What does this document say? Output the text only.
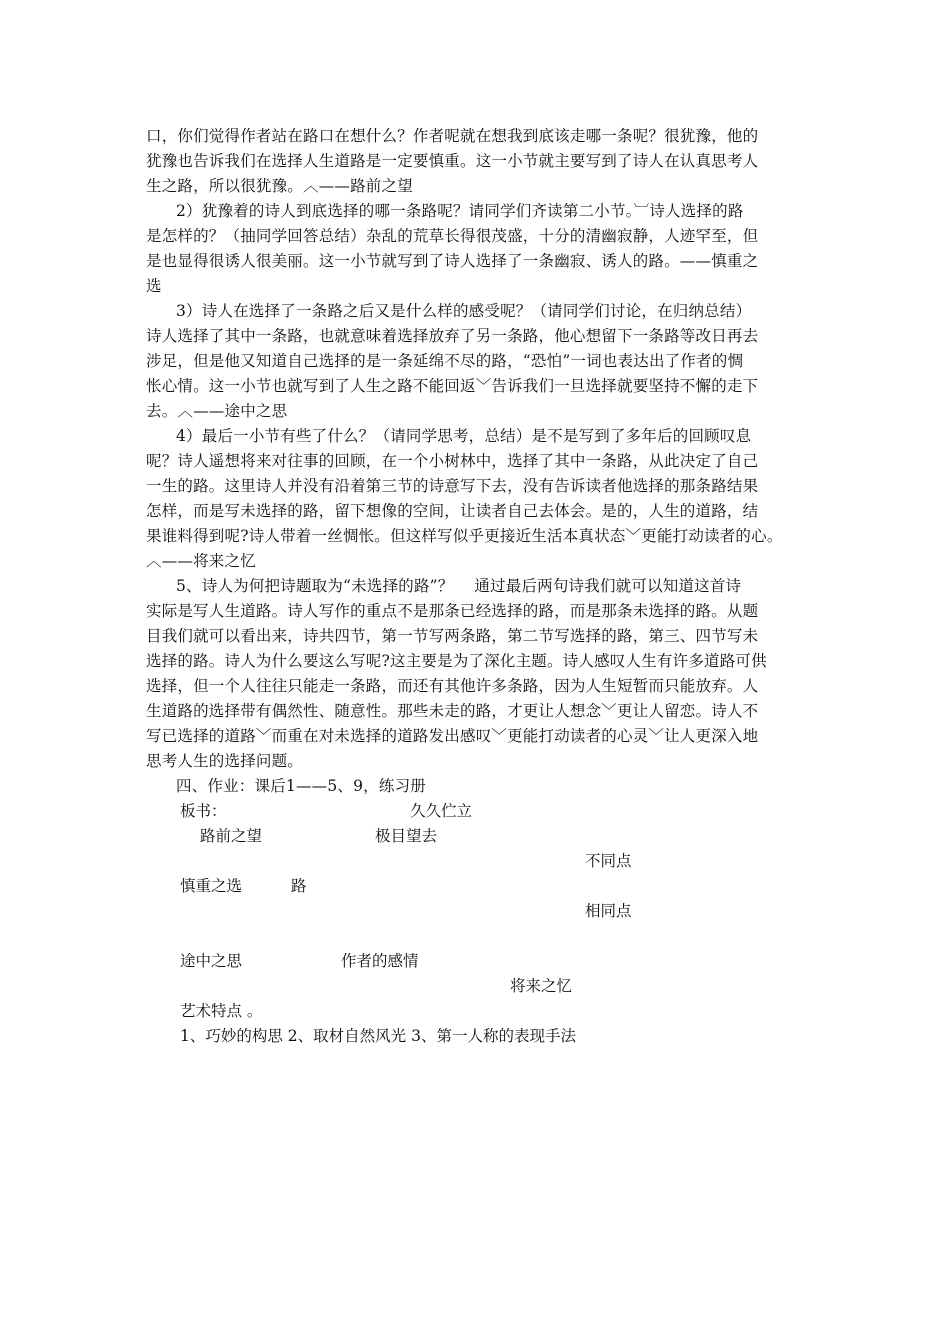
口，你们觉得作者站在路口在想什么？作者呢就在想我到底该走哪一条呢？很犹豫，他的
犹豫也告诉我们在选择人生道路是一定要慎重。这一小节就主要写到了诗人在认真思考人
生之路，所以很犹豫。︿——路前之望
2）犹豫着的诗人到底选择的哪一条路呢？请同学们齐读第二小节。︺诗人选择的路
是怎样的？（抽同学回答总结）杂乱的荒草长得很茂盛，十分的清幽寂静，人迹罕至，但
是也显得很诱人很美丽。这一小节就写到了诗人选择了一条幽寂、诱人的路。——慎重之
选
3）诗人在选择了一条路之后又是什么样的感受呢？（请同学们讨论，在归纳总结）
诗人选择了其中一条路，也就意味着选择放弃了另一条路，他心想留下一条路等改日再去
涉足，但是他又知道自己选择的是一条延绵不尽的路，“恐怕”一词也表达出了作者的惆
怅心情。这一小节也就写到了人生之路不能回返﹀告诉我们一旦选择就要坚持不懈的走下
去。︿——途中之思
4）最后一小节有些了什么？（请同学思考，总结）是不是写到了多年后的回顾叹息
呢？诗人遥想将来对往事的回顾，在一个小树林中，选择了其中一条路，从此决定了自己
一生的路。这里诗人并没有沿着第三节的诗意写下去，没有告诉读者他选择的那条路结果
怎样，而是写未选择的路，留下想像的空间，让读者自己去体会。是的，人生的道路，结
果谁料得到呢?诗人带着一丝惆怅。但这样写似乎更接近生活本真状态﹀更能打动读者的心。
︿——将来之忆
5、诗人为何把诗题取为“未选择的路”？　 通过最后两句诗我们就可以知道这首诗
实际是写人生道路。诗人写作的重点不是那条已经选择的路，而是那条未选择的路。从题
目我们就可以看出来，诗共四节，第一节写两条路，第二节写选择的路，第三、四节写未
选择的路。诗人为什么要这么写呢?这主要是为了深化主题。诗人感叹人生有许多道路可供
选择，但一个人往往只能走一条路，而还有其他许多条路，因为人生短暂而只能放弃。人
生道路的选择带有偶然性、随意性。那些未走的路，才更让人想念﹀更让人留恋。诗人不
写已选择的道路﹀而重在对未选择的道路发出感叹﹀更能打动读者的心灵﹀让人更深入地
思考人生的选择问题。
四、作业：课后1——5、9，练习册
板书：	久久伫立
路前之望	极目望去
不同点
慎重之选	路
相同点
途中之思	作者的感情
将来之忆
艺术特点 。
1、巧妙的构思 2、取材自然风光 3、第一人称的表现手法
